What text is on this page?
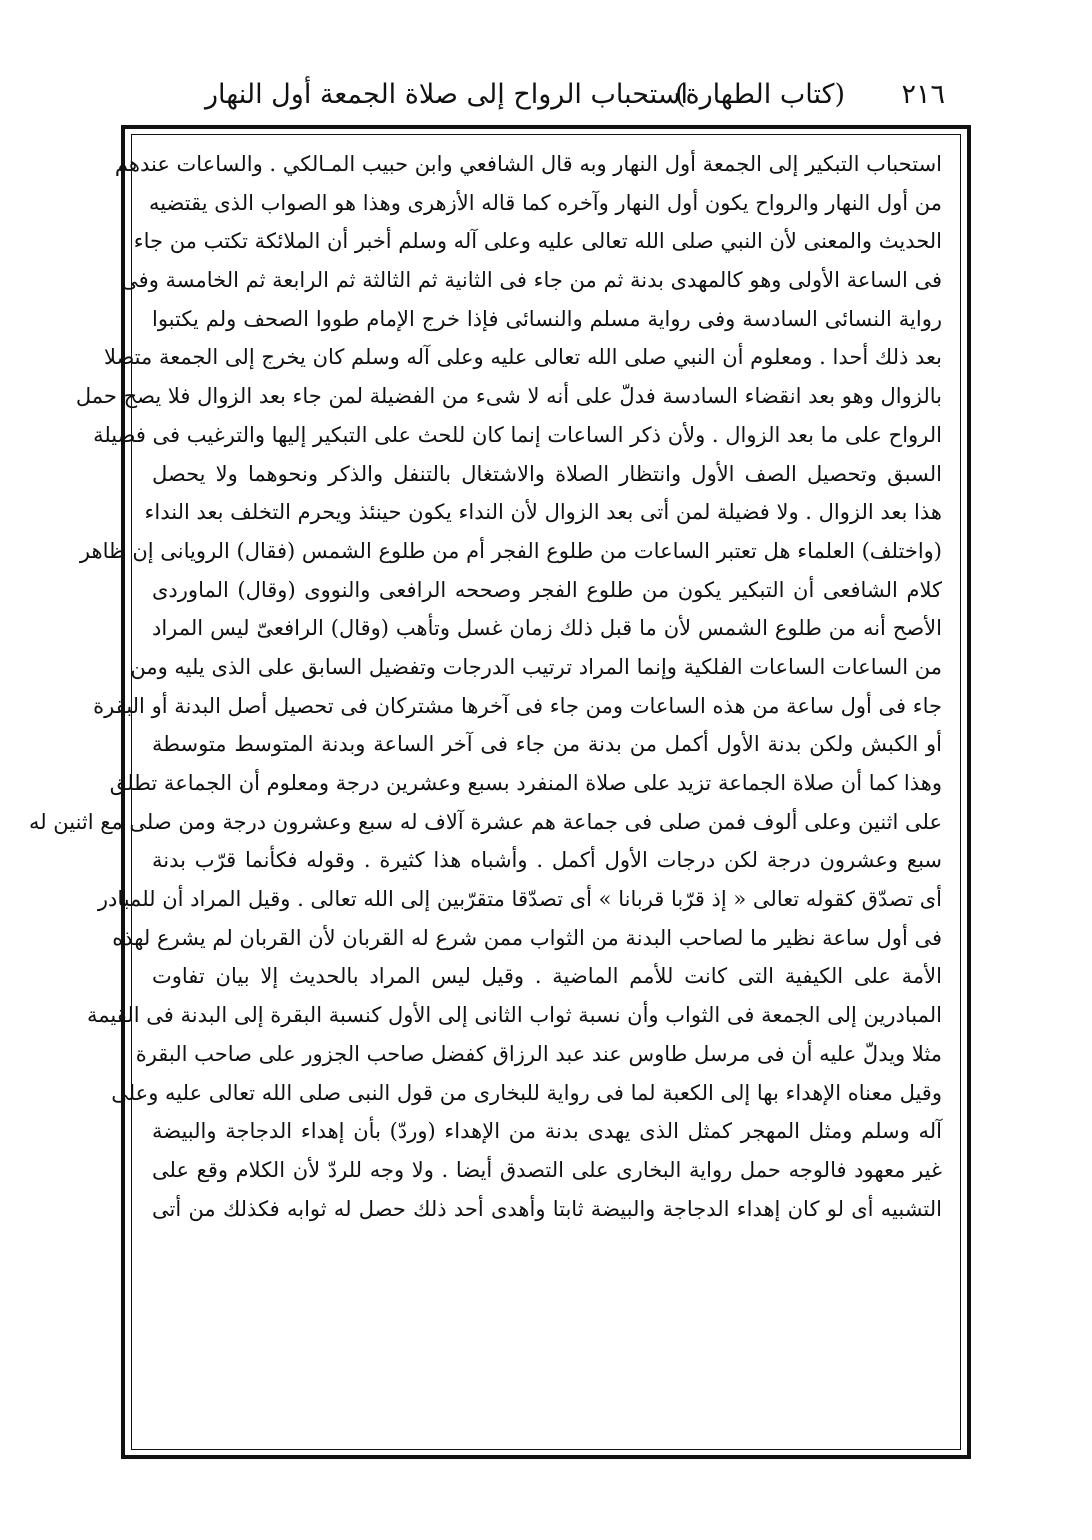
٢١٦
(كتاب الطهارة)
استحباب الرواح إلى صلاة الجمعة أول النهار
استحباب التبكير إلى الجمعة أول النهار وبه قال الشافعي وابن حبيب المـالكي . والساعات عندهم
من أول النهار والرواح يكون أول النهار وآخره كما قاله الأزهرى وهذا هو الصواب الذى يقتضيه
الحديث والمعنى لأن النبي صلى الله تعالى عليه وعلى آله وسلم أخبر أن الملائكة تكتب من جاء
فى الساعة الأولى وهو كالمهدى بدنة ثم من جاء فى الثانية ثم الثالثة ثم الرابعة ثم الخامسة وفى
رواية النسائى السادسة وفى رواية مسلم والنسائى فإذا خرج الإمام طووا الصحف ولم يكتبوا
بعد ذلك أحدا . ومعلوم أن النبي صلى الله تعالى عليه وعلى آله وسلم كان يخرج إلى الجمعة متصلا
بالزوال وهو بعد انقضاء السادسة فدلّ على أنه لا شىء من الفضيلة لمن جاء بعد الزوال فلا يصح حمل
الرواح على ما بعد الزوال . ولأن ذكر الساعات إنما كان للحث على التبكير إليها والترغيب فى فضيلة
السبق وتحصيل الصف الأول وانتظار الصلاة والاشتغال بالتنفل والذكر ونحوهما ولا يحصل
هذا بعد الزوال . ولا فضيلة لمن أتى بعد الزوال لأن النداء يكون حينئذ ويحرم التخلف بعد النداء
(واختلف) العلماء هل تعتبر الساعات من طلوع الفجر أم من طلوع الشمس (فقال) الرويانى إن ظاهر
كلام الشافعى أن التبكير يكون من طلوع الفجر وصححه الرافعى والنووى (وقال) الماوردى
الأصح أنه من طلوع الشمس لأن ما قبل ذلك زمان غسل وتأهب (وقال) الرافعىّ ليس المراد
من الساعات الساعات الفلكية وإنما المراد ترتيب الدرجات وتفضيل السابق على الذى يليه ومن
جاء فى أول ساعة من هذه الساعات ومن جاء فى آخرها مشتركان فى تحصيل أصل البدنة أو البقرة
أو الكبش ولكن بدنة الأول أكمل من بدنة من جاء فى آخر الساعة وبدنة المتوسط متوسطة
وهذا كما أن صلاة الجماعة تزيد على صلاة المنفرد بسبع وعشرين درجة ومعلوم أن الجماعة تطلق
على اثنين وعلى ألوف فمن صلى فى جماعة هم عشرة آلاف له سبع وعشرون درجة ومن صلى مع اثنين له
سبع وعشرون درجة لكن درجات الأول أكمل . وأشباه هذا كثيرة . وقوله فكأنما قرّب بدنة
أى تصدّق كقوله تعالى « إذ قرّبا قربانا » أى تصدّقا متقرّبين إلى الله تعالى . وقيل المراد أن للمبادر
فى أول ساعة نظير ما لصاحب البدنة من الثواب ممن شرع له القربان لأن القربان لم يشرع لهذه
الأمة على الكيفية التى كانت للأمم الماضية . وقيل ليس المراد بالحديث إلا بيان تفاوت
المبادرين إلى الجمعة فى الثواب وأن نسبة ثواب الثانى إلى الأول كنسبة البقرة إلى البدنة فى القيمة
مثلا ويدلّ عليه أن فى مرسل طاوس عند عبد الرزاق كفضل صاحب الجزور على صاحب البقرة
وقيل معناه الإهداء بها إلى الكعبة لما فى رواية للبخارى من قول النبى صلى الله تعالى عليه وعلى
آله وسلم ومثل المهجر كمثل الذى يهدى بدنة من الإهداء (وردّ) بأن إهداء الدجاجة والبيضة
غير معهود فالوجه حمل رواية البخارى على التصدق أيضا . ولا وجه للردّ لأن الكلام وقع على
التشبيه أى لو كان إهداء الدجاجة والبيضة ثابتا وأهدى أحد ذلك حصل له ثوابه فكذلك من أتى
